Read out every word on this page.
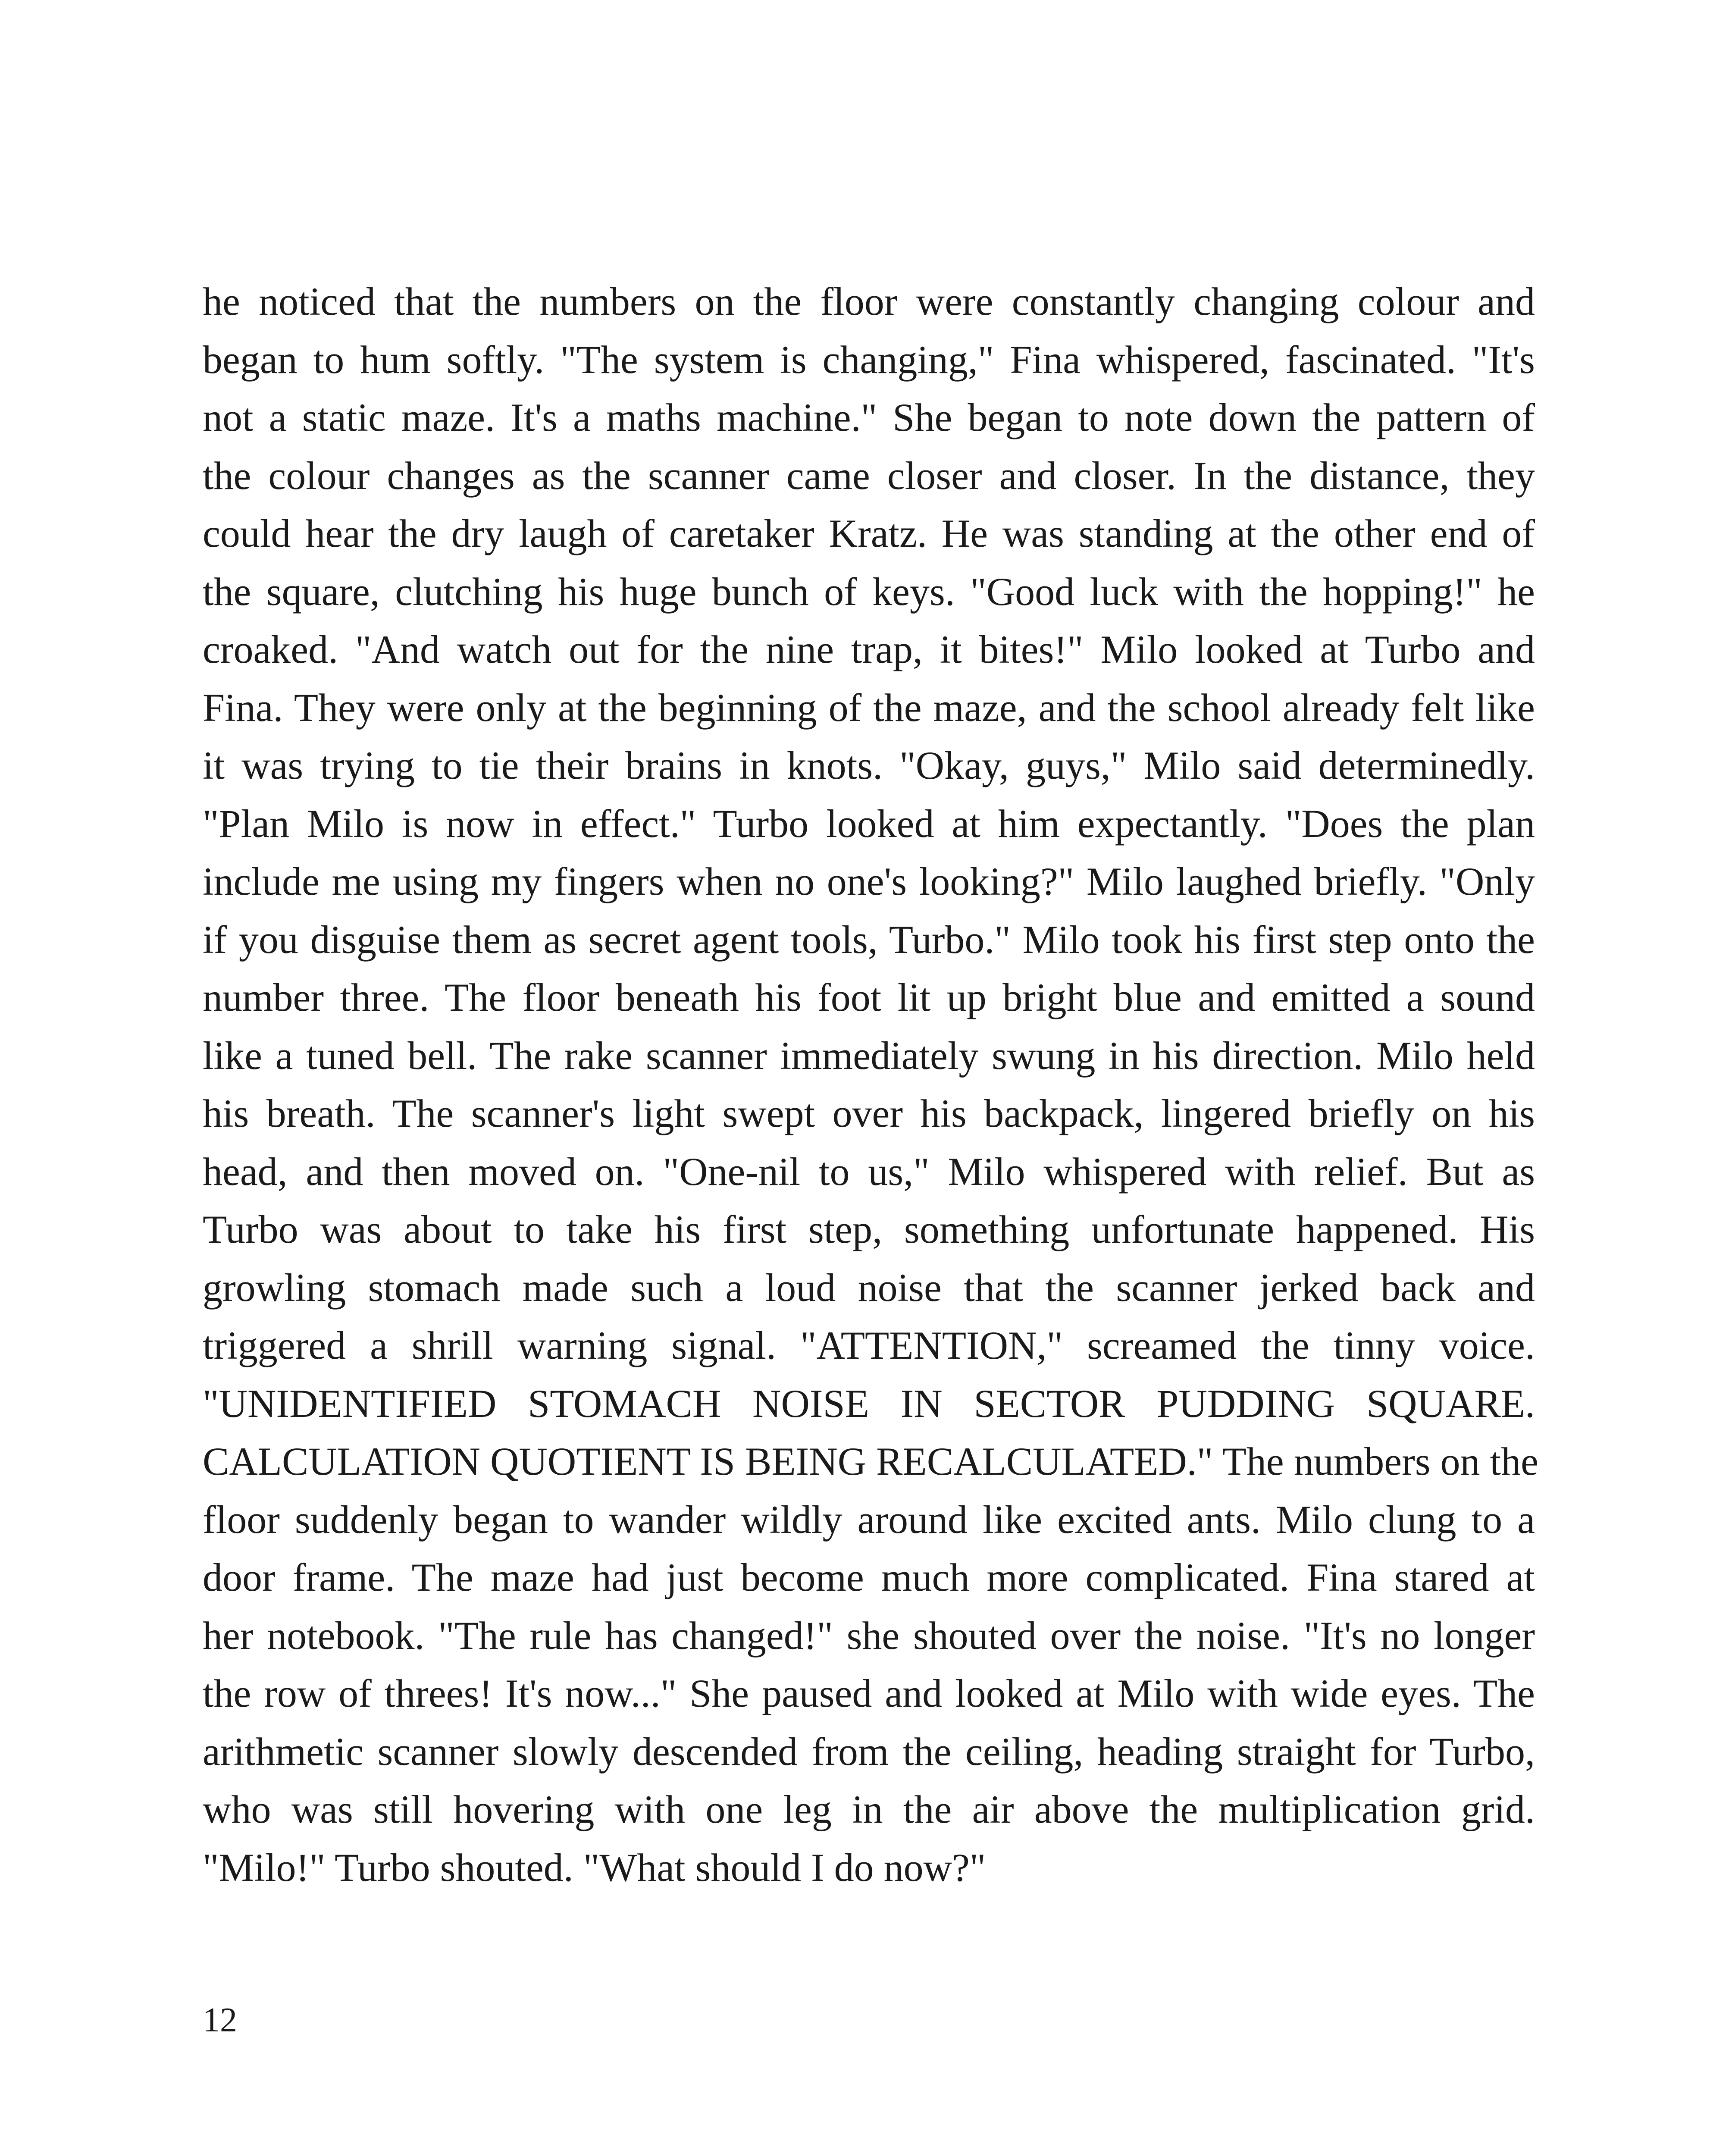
he noticed that the numbers on the floor were constantly changing colour and
began to hum softly. "The system is changing," Fina whispered, fascinated. "It's
not a static maze. It's a maths machine." She began to note down the pattern of
the colour changes as the scanner came closer and closer. In the distance, they
could hear the dry laugh of caretaker Kratz. He was standing at the other end of
the square, clutching his huge bunch of keys. "Good luck with the hopping!" he
croaked. "And watch out for the nine trap, it bites!" Milo looked at Turbo and
Fina. They were only at the beginning of the maze, and the school already felt like
it was trying to tie their brains in knots. "Okay, guys," Milo said determinedly.
"Plan Milo is now in effect." Turbo looked at him expectantly. "Does the plan
include me using my fingers when no one's looking?" Milo laughed briefly. "Only
if you disguise them as secret agent tools, Turbo." Milo took his first step onto the
number three. The floor beneath his foot lit up bright blue and emitted a sound
like a tuned bell. The rake scanner immediately swung in his direction. Milo held
his breath. The scanner's light swept over his backpack, lingered briefly on his
head, and then moved on. "One-nil to us," Milo whispered with relief. But as
Turbo was about to take his first step, something unfortunate happened. His
growling stomach made such a loud noise that the scanner jerked back and
triggered a shrill warning signal. "ATTENTION," screamed the tinny voice.
"UNIDENTIFIED STOMACH NOISE IN SECTOR PUDDING SQUARE.
CALCULATION QUOTIENT IS BEING RECALCULATED." The numbers on the
floor suddenly began to wander wildly around like excited ants. Milo clung to a
door frame. The maze had just become much more complicated. Fina stared at
her notebook. "The rule has changed!" she shouted over the noise. "It's no longer
the row of threes! It's now..." She paused and looked at Milo with wide eyes. The
arithmetic scanner slowly descended from the ceiling, heading straight for Turbo,
who was still hovering with one leg in the air above the multiplication grid.
"Milo!" Turbo shouted. "What should I do now?"
12
